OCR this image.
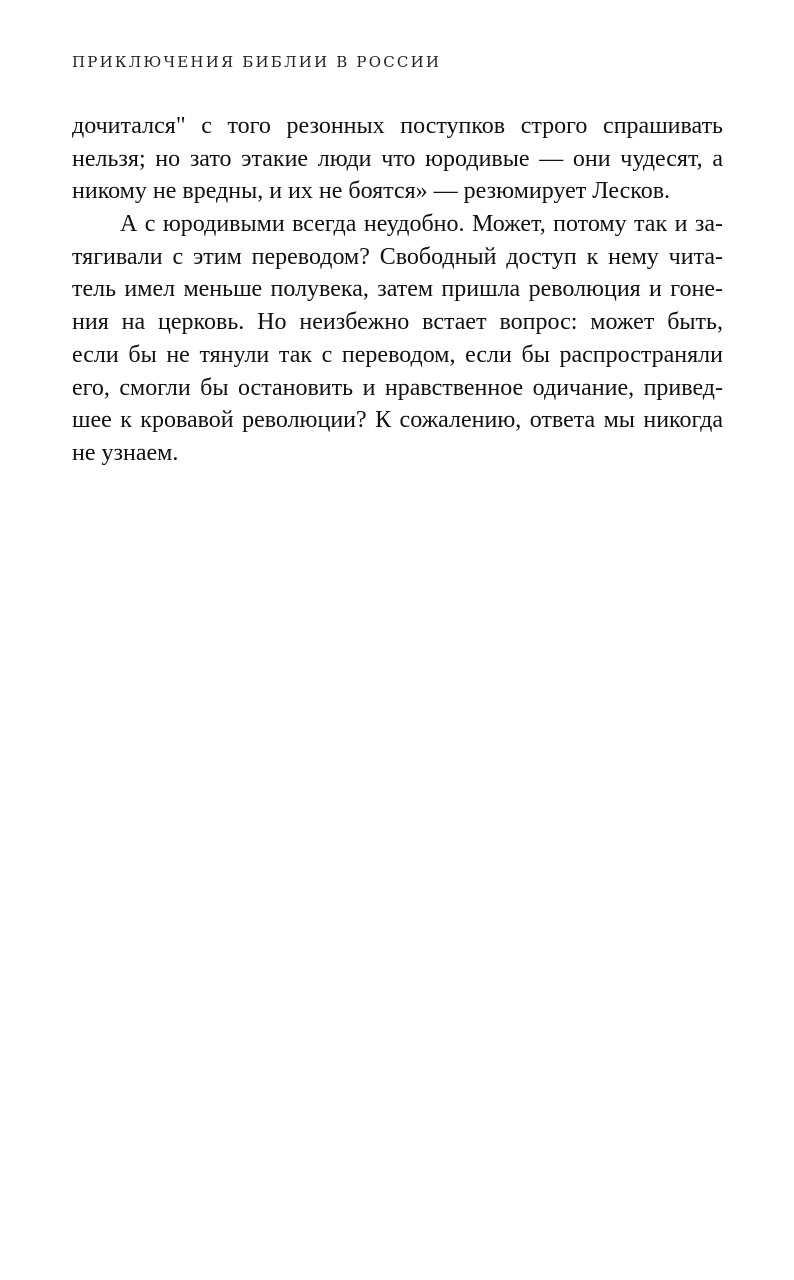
ПРИКЛЮЧЕНИЯ БИБЛИИ В РОССИИ
дочитался" с того резонных поступков строго спрашивать
нельзя; но зато этакие люди что юродивые — они чудесят, а
никому не вредны, и их не боятся» — резюмирует Лесков.
А с юродивыми всегда неудобно. Может, потому так и за-
тягивали с этим переводом? Свободный доступ к нему чита-
тель имел меньше полувека, затем пришла революция и гоне-
ния на церковь. Но неизбежно встает вопрос: может быть,
если бы не тянули так с переводом, если бы распространяли
его, смогли бы остановить и нравственное одичание, привед-
шее к кровавой революции? К сожалению, ответа мы никогда
не узнаем.
